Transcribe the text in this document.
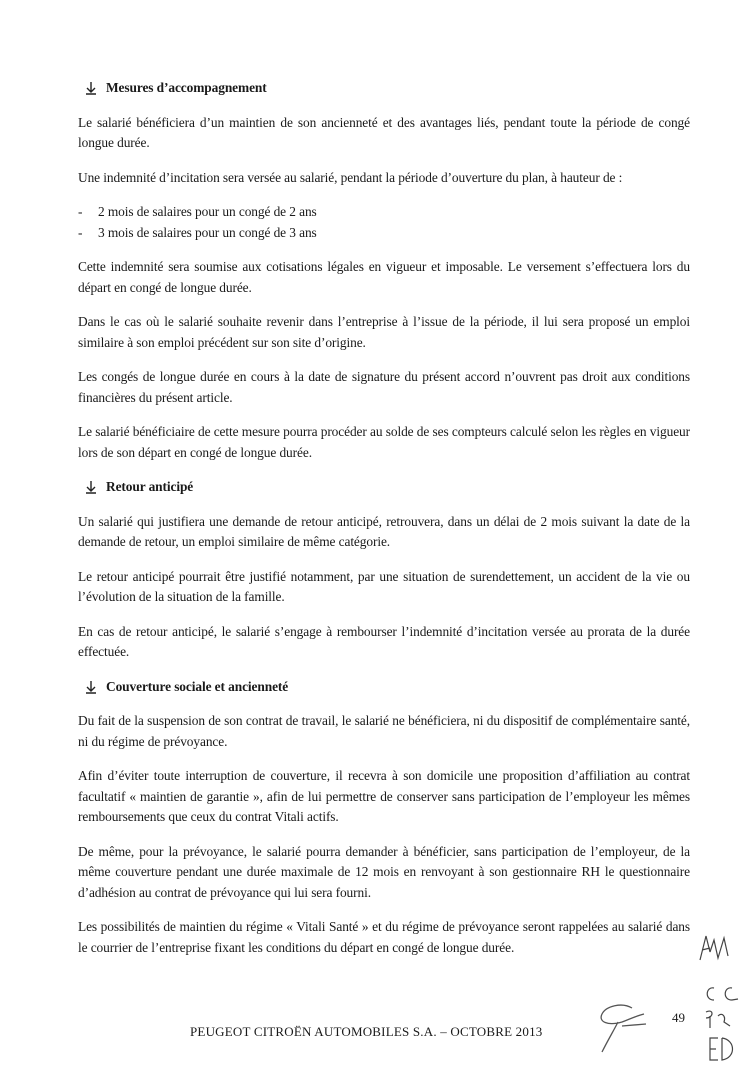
Mesures d’accompagnement

Le salarié bénéficiera d’un maintien de son ancienneté et des avantages liés, pendant toute la période de congé longue durée.

Une indemnité d’incitation sera versée au salarié, pendant la période d’ouverture du plan, à hauteur de :

-	2 mois de salaires pour un congé de 2 ans
-	3 mois de salaires pour un congé de 3 ans

Cette indemnité sera soumise aux cotisations légales en vigueur et imposable. Le versement s’effectuera lors du départ en congé de longue durée.

Dans le cas où le salarié souhaite revenir dans l’entreprise à l’issue de la période, il lui sera proposé un emploi similaire à son emploi précédent sur son site d’origine.

Les congés de longue durée en cours à la date de signature du présent accord n’ouvrent pas droit aux conditions financières du présent article.

Le salarié bénéficiaire de cette mesure pourra procéder au solde de ses compteurs calculé selon les règles en vigueur lors de son départ en congé de longue durée.

Retour anticipé

Un salarié qui justifiera une demande de retour anticipé, retrouvera, dans un délai de 2 mois suivant la date de la demande de retour, un emploi similaire de même catégorie.

Le retour anticipé pourrait être justifié notamment, par une situation de surendettement, un accident de la vie ou l’évolution de la situation de la famille.

En cas de retour anticipé, le salarié s’engage à rembourser l’indemnité d’incitation versée au prorata de la durée effectuée.

Couverture sociale et ancienneté

Du fait de la suspension de son contrat de travail, le salarié ne bénéficiera, ni du dispositif de complémentaire santé, ni du régime de prévoyance.

Afin d’éviter toute interruption de couverture, il recevra à son domicile une proposition d’affiliation au contrat facultatif « maintien de garantie », afin de lui permettre de conserver sans participation de l’employeur les mêmes remboursements que ceux du contrat Vitali actifs.

De même, pour la prévoyance, le salarié pourra demander à bénéficier, sans participation de l’employeur, de la même couverture pendant une durée maximale de 12 mois en renvoyant à son gestionnaire RH le questionnaire d’adhésion au contrat de prévoyance qui lui sera fourni.

Les possibilités de maintien du régime « Vitali Santé » et du régime de prévoyance seront rappelées au salarié dans le courrier de l’entreprise fixant les conditions du départ en congé de longue durée.

PEUGEOT CITROËN AUTOMOBILES S.A. – OCTOBRE 2013
49
